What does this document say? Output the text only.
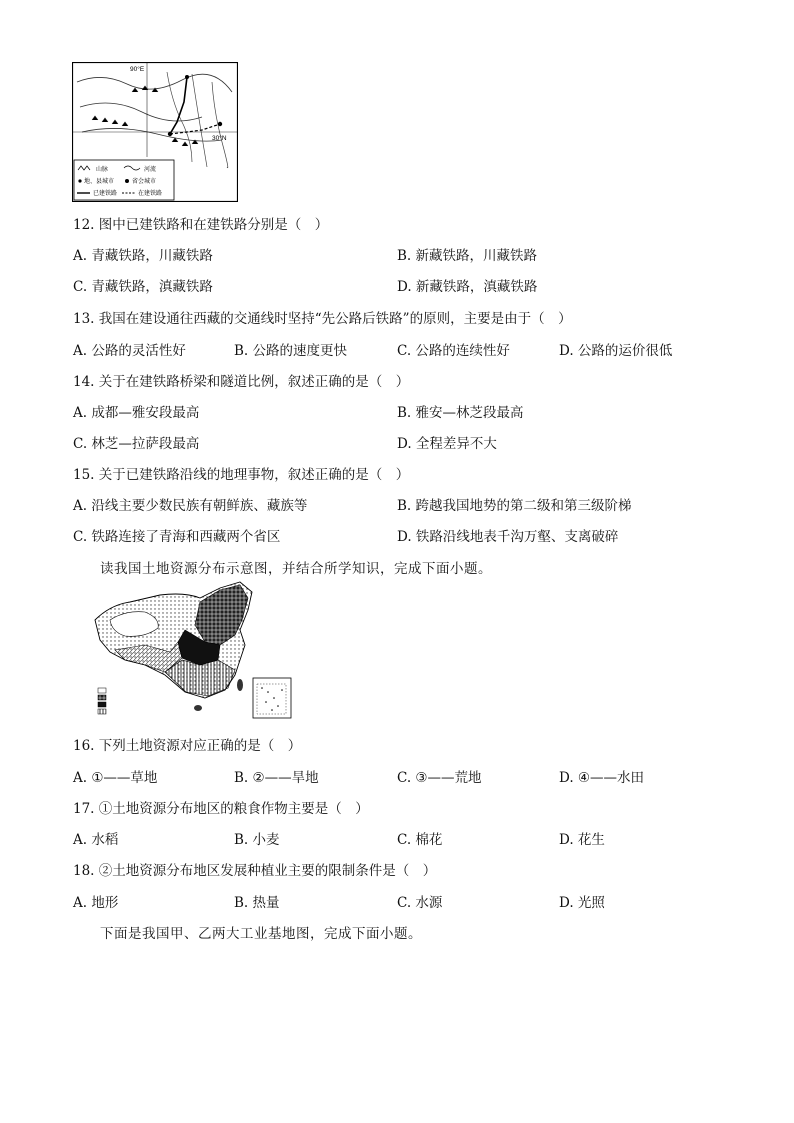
90°E
30°N
山脉	河流
地、县城市	省会城市
已建铁路	在建铁路
12. 图中已建铁路和在建铁路分别是（　）
A. 青藏铁路，川藏铁路	B. 新藏铁路，川藏铁路
C. 青藏铁路，滇藏铁路	D. 新藏铁路，滇藏铁路
13. 我国在建设通往西藏的交通线时坚持“先公路后铁路”的原则，主要是由于（　）
A. 公路的灵活性好	B. 公路的速度更快	C. 公路的连续性好	D. 公路的运价很低
14. 关于在建铁路桥梁和隧道比例，叙述正确的是（　）
A. 成都—雅安段最高	B. 雅安—林芝段最高
C. 林芝—拉萨段最高	D. 全程差异不大
15. 关于已建铁路沿线的地理事物，叙述正确的是（　）
A. 沿线主要少数民族有朝鲜族、藏族等	B. 跨越我国地势的第二级和第三级阶梯
C. 铁路连接了青海和西藏两个省区	D. 铁路沿线地表千沟万壑、支离破碎
读我国土地资源分布示意图，并结合所学知识，完成下面小题。
16. 下列土地资源对应正确的是（　）
A. ①——草地	B. ②——旱地	C. ③——荒地	D. ④——水田
17. ①土地资源分布地区的粮食作物主要是（　）
A. 水稻	B. 小麦	C. 棉花	D. 花生
18. ②土地资源分布地区发展种植业主要的限制条件是（　）
A. 地形	B. 热量	C. 水源	D. 光照
下面是我国甲、乙两大工业基地图，完成下面小题。
